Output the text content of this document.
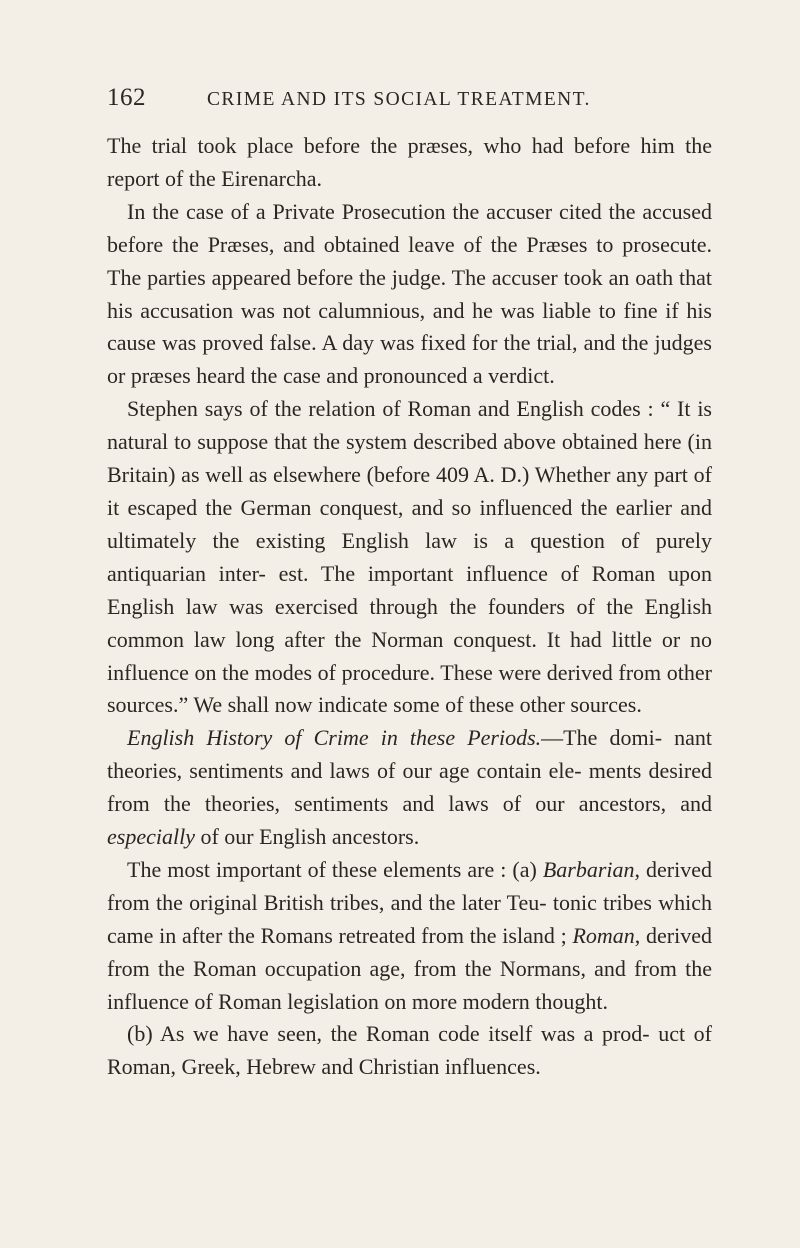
162	CRIME AND ITS SOCIAL TREATMENT.

The trial took place before the præses, who had before him the report of the Eirenarcha.

In the case of a Private Prosecution the accuser cited the accused before the Præses, and obtained leave of the Præses to prosecute. The parties appeared before the judge. The accuser took an oath that his accusation was not calumnious, and he was liable to fine if his cause was proved false. A day was fixed for the trial, and the judges or præses heard the case and pronounced a verdict.

Stephen says of the relation of Roman and English codes : “ It is natural to suppose that the system described above obtained here (in Britain) as well as elsewhere (before 409 A. D.) Whether any part of it escaped the German conquest, and so influenced the earlier and ultimately the existing English law is a question of purely antiquarian inter- est. The important influence of Roman upon English law was exercised through the founders of the English common law long after the Norman conquest. It had little or no influence on the modes of procedure. These were derived from other sources.” We shall now indicate some of these other sources.

English History of Crime in these Periods.—The domi- nant theories, sentiments and laws of our age contain ele- ments desired from the theories, sentiments and laws of our ancestors, and especially of our English ancestors.

The most important of these elements are : (a) Barbarian, derived from the original British tribes, and the later Teu- tonic tribes which came in after the Romans retreated from the island ; Roman, derived from the Roman occupation age, from the Normans, and from the influence of Roman legislation on more modern thought.

(b) As we have seen, the Roman code itself was a prod- uct of Roman, Greek, Hebrew and Christian influences.
